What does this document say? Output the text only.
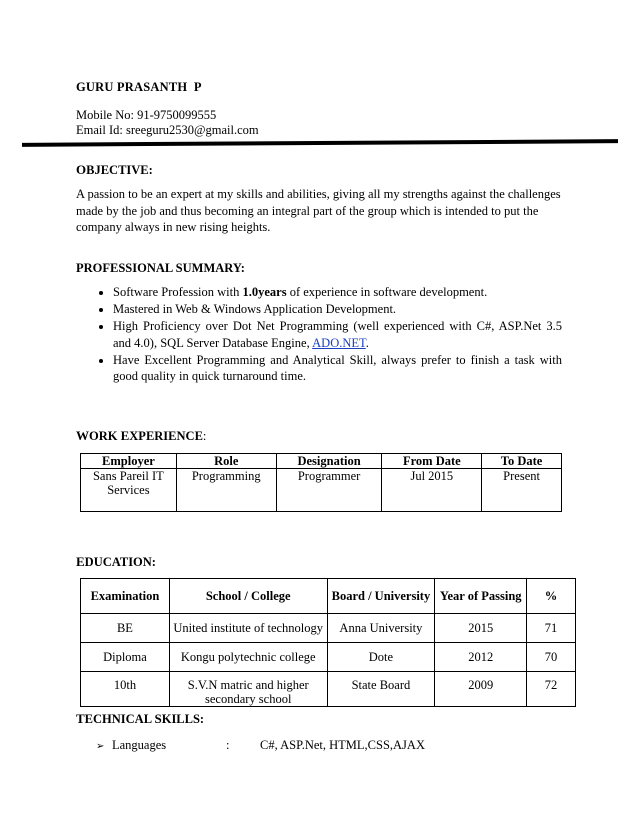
GURU PRASANTH  P
Mobile No: 91-9750099555
Email Id: sreeguru2530@gmail.com
OBJECTIVE:
A passion to be an expert at my skills and abilities, giving all my strengths against the challenges made by the job and thus becoming an integral part of the group which is intended to put the company always in new rising heights.
PROFESSIONAL SUMMARY:
• Software Profession with 1.0years of experience in software development.
• Mastered in Web & Windows Application Development.
• High Proficiency over Dot Net Programming (well experienced with C#, ASP.Net 3.5 and 4.0), SQL Server Database Engine, ADO.NET.
• Have Excellent Programming and Analytical Skill, always prefer to finish a task with good quality in quick turnaround time.
WORK EXPERIENCE:
Employer	Role	Designation	From Date	To Date
Sans Pareil IT Services	Programming	Programmer	Jul 2015	Present
EDUCATION:
Examination	School / College	Board / University	Year of Passing	%
BE	United institute of technology	Anna University	2015	71
Diploma	Kongu polytechnic college	Dote	2012	70
10th	S.V.N matric and higher secondary school	State Board	2009	72
TECHNICAL SKILLS:
➢ Languages	: C#, ASP.Net, HTML,CSS,AJAX
